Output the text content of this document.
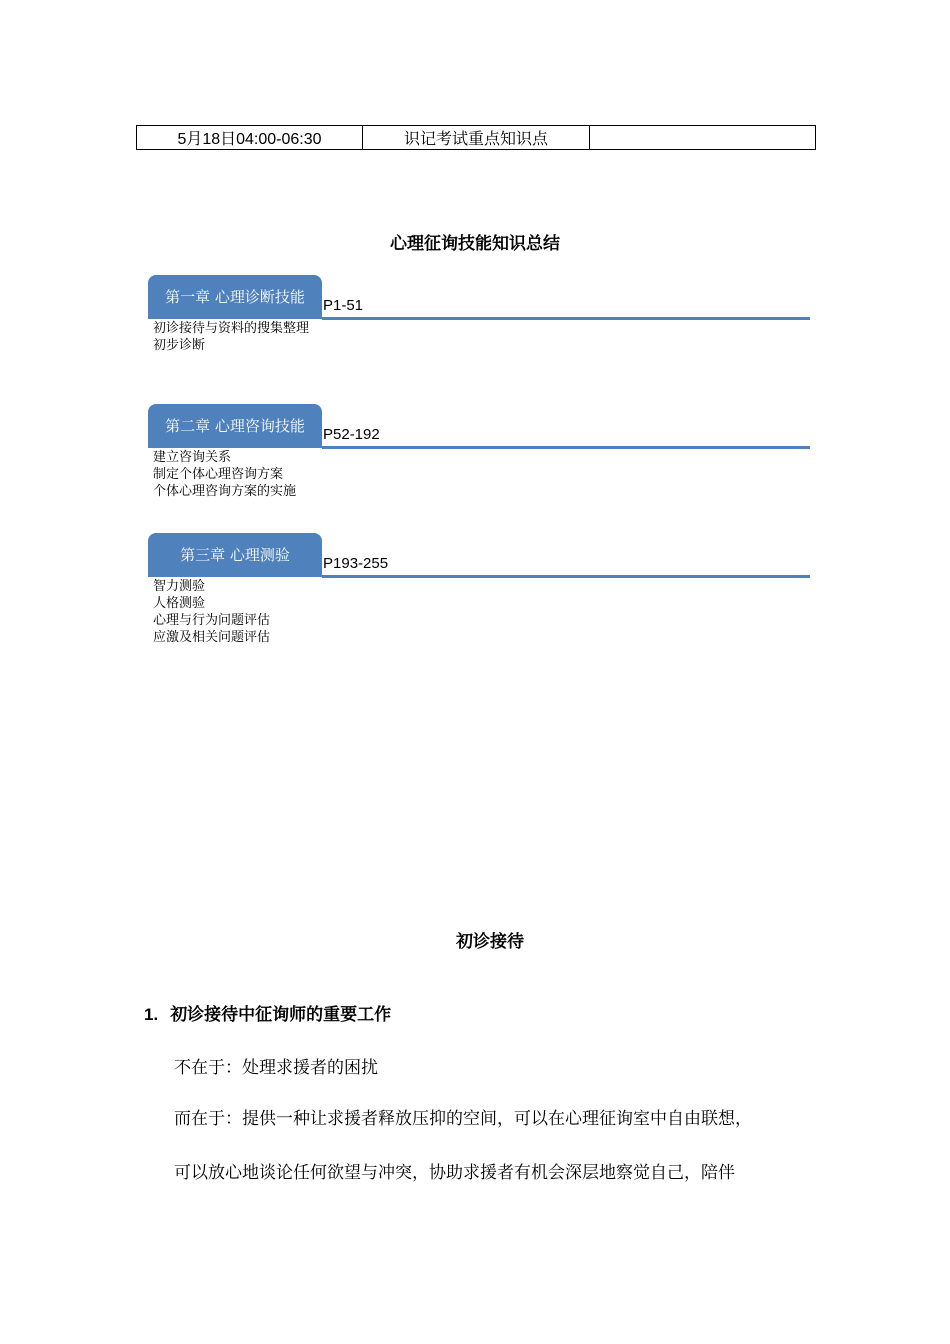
5月18日04:00-06:30	识记考试重点知识点
心理征询技能知识总结
第一章 心理诊断技能	P1-51
初诊接待与资料的搜集整理
初步诊断
第二章 心理咨询技能	P52-192
建立咨询关系
制定个体心理咨询方案
个体心理咨询方案的实施
第三章 心理测验	P193-255
智力测验
人格测验
心理与行为问题评估
应激及相关问题评估
初诊接待
1. 初诊接待中征询师的重要工作
不在于：处理求援者的困扰
而在于：提供一种让求援者释放压抑的空间，可以在心理征询室中自由联想，
可以放心地谈论任何欲望与冲突，协助求援者有机会深层地察觉自己，陪伴
